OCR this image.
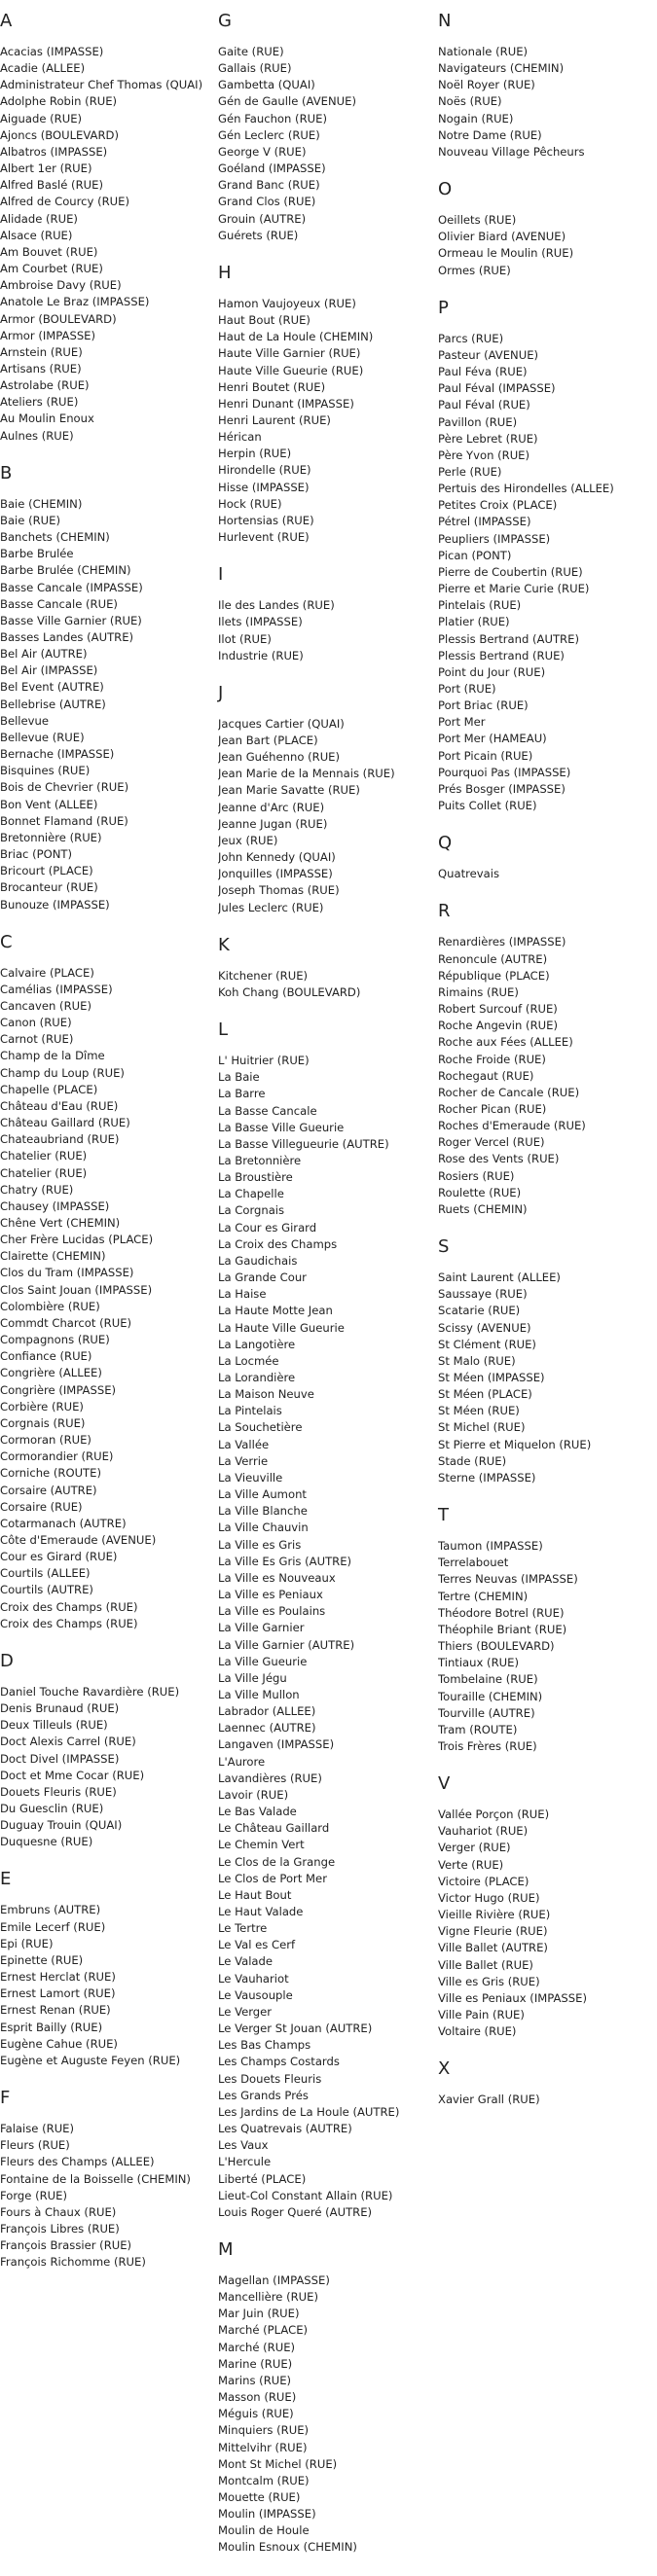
A
Acacias (IMPASSE)
Acadie (ALLEE)
Administrateur Chef Thomas (QUAI)
Adolphe Robin (RUE)
Aiguade (RUE)
Ajoncs (BOULEVARD)
Albatros (IMPASSE)
Albert 1er (RUE)
Alfred Baslé (RUE)
Alfred de Courcy (RUE)
Alidade (RUE)
Alsace (RUE)
Am Bouvet (RUE)
Am Courbet (RUE)
Ambroise Davy (RUE)
Anatole Le Braz (IMPASSE)
Armor (BOULEVARD)
Armor (IMPASSE)
Arnstein (RUE)
Artisans (RUE)
Astrolabe (RUE)
Ateliers (RUE)
Au Moulin Enoux
Aulnes (RUE)
B
Baie (CHEMIN)
Baie (RUE)
Banchets (CHEMIN)
Barbe Brulée
Barbe Brulée (CHEMIN)
Basse Cancale (IMPASSE)
Basse Cancale (RUE)
Basse Ville Garnier (RUE)
Basses Landes (AUTRE)
Bel Air (AUTRE)
Bel Air (IMPASSE)
Bel Event (AUTRE)
Bellebrise (AUTRE)
Bellevue
Bellevue (RUE)
Bernache (IMPASSE)
Bisquines (RUE)
Bois de Chevrier (RUE)
Bon Vent (ALLEE)
Bonnet Flamand (RUE)
Bretonnière (RUE)
Briac (PONT)
Bricourt (PLACE)
Brocanteur (RUE)
Bunouze (IMPASSE)
C
Calvaire (PLACE)
Camélias (IMPASSE)
Cancaven (RUE)
Canon (RUE)
Carnot (RUE)
Champ de la Dîme
Champ du Loup (RUE)
Chapelle (PLACE)
Château d'Eau (RUE)
Château Gaillard (RUE)
Chateaubriand (RUE)
Chatelier (RUE)
Chatelier (RUE)
Chatry (RUE)
Chausey (IMPASSE)
Chêne Vert (CHEMIN)
Cher Frère Lucidas (PLACE)
Clairette (CHEMIN)
Clos du Tram (IMPASSE)
Clos Saint Jouan (IMPASSE)
Colombière (RUE)
Commdt Charcot (RUE)
Compagnons (RUE)
Confiance (RUE)
Congrière (ALLEE)
Congrière (IMPASSE)
Corbière (RUE)
Corgnais (RUE)
Cormoran (RUE)
Cormorandier (RUE)
Corniche (ROUTE)
Corsaire (AUTRE)
Corsaire (RUE)
Cotarmanach (AUTRE)
Côte d'Emeraude (AVENUE)
Cour es Girard (RUE)
Courtils (ALLEE)
Courtils (AUTRE)
Croix des Champs (RUE)
Croix des Champs (RUE)
D
Daniel Touche Ravardière (RUE)
Denis Brunaud (RUE)
Deux Tilleuls (RUE)
Doct Alexis Carrel (RUE)
Doct Divel (IMPASSE)
Doct et Mme Cocar (RUE)
Douets Fleuris (RUE)
Du Guesclin (RUE)
Duguay Trouin (QUAI)
Duquesne (RUE)
E
Embruns (AUTRE)
Emile Lecerf (RUE)
Epi (RUE)
Epinette (RUE)
Ernest Herclat (RUE)
Ernest Lamort (RUE)
Ernest Renan (RUE)
Esprit Bailly (RUE)
Eugène Cahue (RUE)
Eugène et Auguste Feyen (RUE)
F
Falaise (RUE)
Fleurs (RUE)
Fleurs des Champs (ALLEE)
Fontaine de la Boisselle (CHEMIN)
Forge (RUE)
Fours à Chaux (RUE)
François Libres (RUE)
François Brassier (RUE)
François Richomme (RUE)
G
Gaite (RUE)
Gallais (RUE)
Gambetta (QUAI)
Gén de Gaulle (AVENUE)
Gén Fauchon (RUE)
Gén Leclerc (RUE)
George V (RUE)
Goéland (IMPASSE)
Grand Banc (RUE)
Grand Clos (RUE)
Grouin (AUTRE)
Guérets (RUE)
H
Hamon Vaujoyeux (RUE)
Haut Bout (RUE)
Haut de La Houle (CHEMIN)
Haute Ville Garnier (RUE)
Haute Ville Gueurie (RUE)
Henri Boutet (RUE)
Henri Dunant (IMPASSE)
Henri Laurent (RUE)
Hérican
Herpin (RUE)
Hirondelle (RUE)
Hisse (IMPASSE)
Hock (RUE)
Hortensias (RUE)
Hurlevent (RUE)
I
Ile des Landes (RUE)
Ilets (IMPASSE)
Ilot (RUE)
Industrie (RUE)
J
Jacques Cartier (QUAI)
Jean Bart (PLACE)
Jean Guéhenno (RUE)
Jean Marie de la Mennais (RUE)
Jean Marie Savatte (RUE)
Jeanne d'Arc (RUE)
Jeanne Jugan (RUE)
Jeux (RUE)
John Kennedy (QUAI)
Jonquilles (IMPASSE)
Joseph Thomas (RUE)
Jules Leclerc (RUE)
K
Kitchener (RUE)
Koh Chang (BOULEVARD)
L
L' Huitrier (RUE)
La Baie
La Barre
La Basse Cancale
La Basse Ville Gueurie
La Basse Villegueurie (AUTRE)
La Bretonnière
La Broustière
La Chapelle
La Corgnais
La Cour es Girard
La Croix des Champs
La Gaudichais
La Grande Cour
La Haise
La Haute Motte Jean
La Haute Ville Gueurie
La Langotière
La Locmée
La Lorandière
La Maison Neuve
La Pintelais
La Souchetière
La Vallée
La Verrie
La Vieuville
La Ville Aumont
La Ville Blanche
La Ville Chauvin
La Ville es Gris
La Ville Es Gris (AUTRE)
La Ville es Nouveaux
La Ville es Peniaux
La Ville es Poulains
La Ville Garnier
La Ville Garnier (AUTRE)
La Ville Gueurie
La Ville Jégu
La Ville Mullon
Labrador (ALLEE)
Laennec (AUTRE)
Langaven (IMPASSE)
L'Aurore
Lavandières (RUE)
Lavoir (RUE)
Le Bas Valade
Le Château Gaillard
Le Chemin Vert
Le Clos de la Grange
Le Clos de Port Mer
Le Haut Bout
Le Haut Valade
Le Tertre
Le Val es Cerf
Le Valade
Le Vauhariot
Le Vausouple
Le Verger
Le Verger St Jouan (AUTRE)
Les Bas Champs
Les Champs Costards
Les Douets Fleuris
Les Grands Prés
Les Jardins de La Houle (AUTRE)
Les Quatrevais (AUTRE)
Les Vaux
L'Hercule
Liberté (PLACE)
Lieut-Col Constant Allain (RUE)
Louis Roger Queré (AUTRE)
M
Magellan (IMPASSE)
Mancellière (RUE)
Mar Juin (RUE)
Marché (PLACE)
Marché (RUE)
Marine (RUE)
Marins (RUE)
Masson (RUE)
Méguis (RUE)
Minquiers (RUE)
Mittelvihr (RUE)
Mont St Michel (RUE)
Montcalm (RUE)
Mouette (RUE)
Moulin (IMPASSE)
Moulin de Houle
Moulin Esnoux (CHEMIN)
N
Nationale (RUE)
Navigateurs (CHEMIN)
Noël Royer (RUE)
Noës (RUE)
Nogain (RUE)
Notre Dame (RUE)
Nouveau Village Pêcheurs
O
Oeillets (RUE)
Olivier Biard (AVENUE)
Ormeau le Moulin (RUE)
Ormes (RUE)
P
Parcs (RUE)
Pasteur (AVENUE)
Paul Féva (RUE)
Paul Féval (IMPASSE)
Paul Féval (RUE)
Pavillon (RUE)
Père Lebret (RUE)
Père Yvon (RUE)
Perle (RUE)
Pertuis des Hirondelles (ALLEE)
Petites Croix (PLACE)
Pétrel (IMPASSE)
Peupliers (IMPASSE)
Pican (PONT)
Pierre de Coubertin (RUE)
Pierre et Marie Curie (RUE)
Pintelais (RUE)
Platier (RUE)
Plessis Bertrand (AUTRE)
Plessis Bertrand (RUE)
Point du Jour (RUE)
Port (RUE)
Port Briac (RUE)
Port Mer
Port Mer (HAMEAU)
Port Picain (RUE)
Pourquoi Pas (IMPASSE)
Prés Bosger (IMPASSE)
Puits Collet (RUE)
Q
Quatrevais
R
Renardières (IMPASSE)
Renoncule (AUTRE)
République (PLACE)
Rimains (RUE)
Robert Surcouf (RUE)
Roche Angevin (RUE)
Roche aux Fées (ALLEE)
Roche Froide (RUE)
Rochegaut (RUE)
Rocher de Cancale (RUE)
Rocher Pican (RUE)
Roches d'Emeraude (RUE)
Roger Vercel (RUE)
Rose des Vents (RUE)
Rosiers (RUE)
Roulette (RUE)
Ruets (CHEMIN)
S
Saint Laurent (ALLEE)
Saussaye (RUE)
Scatarie (RUE)
Scissy (AVENUE)
St Clément (RUE)
St Malo (RUE)
St Méen (IMPASSE)
St Méen (PLACE)
St Méen (RUE)
St Michel (RUE)
St Pierre et Miquelon (RUE)
Stade (RUE)
Sterne (IMPASSE)
T
Taumon (IMPASSE)
Terrelabouet
Terres Neuvas (IMPASSE)
Tertre (CHEMIN)
Théodore Botrel (RUE)
Théophile Briant (RUE)
Thiers (BOULEVARD)
Tintiaux (RUE)
Tombelaine (RUE)
Touraille (CHEMIN)
Tourville (AUTRE)
Tram (ROUTE)
Trois Frères (RUE)
V
Vallée Porçon (RUE)
Vauhariot (RUE)
Verger (RUE)
Verte (RUE)
Victoire (PLACE)
Victor Hugo (RUE)
Vieille Rivière (RUE)
Vigne Fleurie (RUE)
Ville Ballet (AUTRE)
Ville Ballet (RUE)
Ville es Gris (RUE)
Ville es Peniaux (IMPASSE)
Ville Pain (RUE)
Voltaire (RUE)
X
Xavier Grall (RUE)
